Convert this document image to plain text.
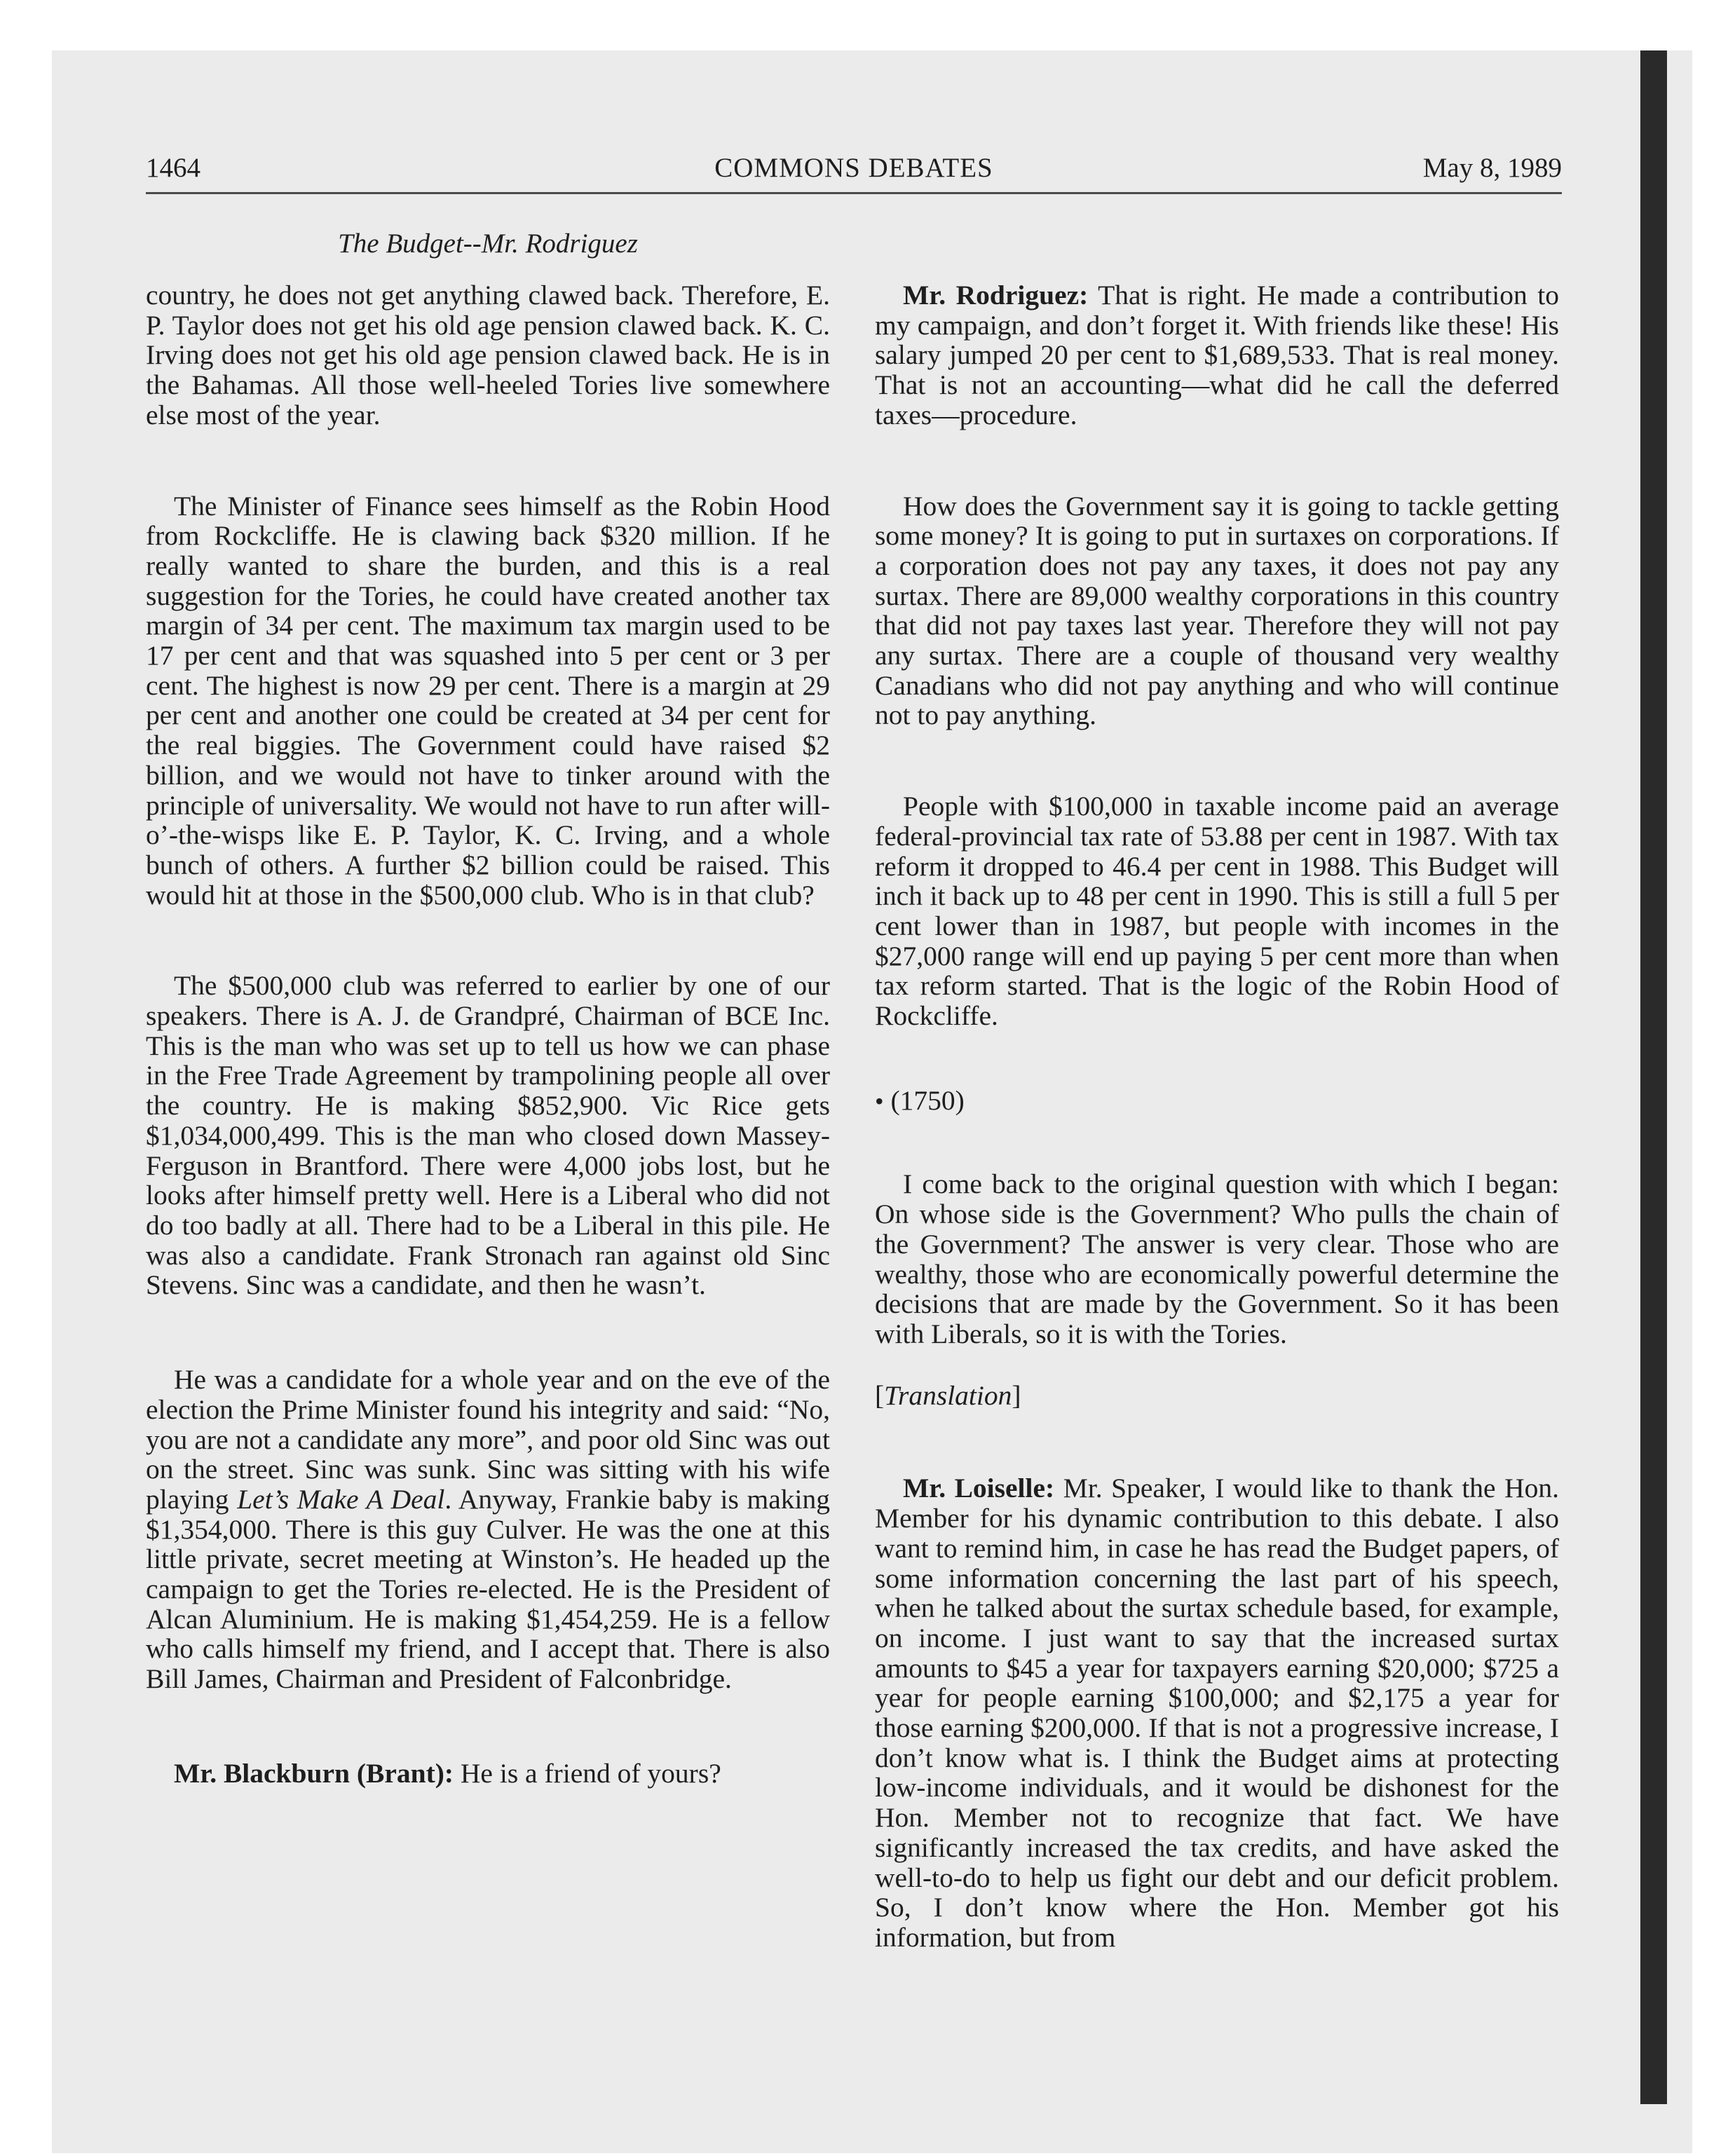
COMMONS DEBATES
1464	May 8, 1989
The Budget--Mr. Rodriguez

country, he does not get anything clawed back. Therefore, E. P. Taylor does not get his old age pension clawed back. K. C. Irving does not get his old age pension clawed back. He is in the Bahamas. All those well-heeled Tories live somewhere else most of the year.

The Minister of Finance sees himself as the Robin Hood from Rockcliffe. He is clawing back $320 million. If he really wanted to share the burden, and this is a real suggestion for the Tories, he could have created another tax margin of 34 per cent. The maximum tax margin used to be 17 per cent and that was squashed into 5 per cent or 3 per cent. The highest is now 29 per cent. There is a margin at 29 per cent and another one could be created at 34 per cent for the real biggies. The Government could have raised $2 billion, and we would not have to tinker around with the principle of universality. We would not have to run after will-o’-the-wisps like E. P. Taylor, K. C. Irving, and a whole bunch of others. A further $2 billion could be raised. This would hit at those in the $500,000 club. Who is in that club?

The $500,000 club was referred to earlier by one of our speakers. There is A. J. de Grandpré, Chairman of BCE Inc. This is the man who was set up to tell us how we can phase in the Free Trade Agreement by trampolining people all over the country. He is making $852,900. Vic Rice gets $1,034,000,499. This is the man who closed down Massey-Ferguson in Brantford. There were 4,000 jobs lost, but he looks after himself pretty well. Here is a Liberal who did not do too badly at all. There had to be a Liberal in this pile. He was also a candidate. Frank Stronach ran against old Sinc Stevens. Sinc was a candidate, and then he wasn’t.

He was a candidate for a whole year and on the eve of the election the Prime Minister found his integrity and said: “No, you are not a candidate any more”, and poor old Sinc was out on the street. Sinc was sunk. Sinc was sitting with his wife playing Let’s Make A Deal. Anyway, Frankie baby is making $1,354,000. There is this guy Culver. He was the one at this little private, secret meeting at Winston’s. He headed up the campaign to get the Tories re-elected. He is the President of Alcan Aluminium. He is making $1,454,259. He is a fellow who calls himself my friend, and I accept that. There is also Bill James, Chairman and President of Falconbridge.

Mr. Blackburn (Brant): He is a friend of yours?

Mr. Rodriguez: That is right. He made a contribution to my campaign, and don’t forget it. With friends like these! His salary jumped 20 per cent to $1,689,533. That is real money. That is not an accounting—what did he call the deferred taxes—procedure.

How does the Government say it is going to tackle getting some money? It is going to put in surtaxes on corporations. If a corporation does not pay any taxes, it does not pay any surtax. There are 89,000 wealthy corporations in this country that did not pay taxes last year. Therefore they will not pay any surtax. There are a couple of thousand very wealthy Canadians who did not pay anything and who will continue not to pay anything.

People with $100,000 in taxable income paid an average federal-provincial tax rate of 53.88 per cent in 1987. With tax reform it dropped to 46.4 per cent in 1988. This Budget will inch it back up to 48 per cent in 1990. This is still a full 5 per cent lower than in 1987, but people with incomes in the $27,000 range will end up paying 5 per cent more than when tax reform started. That is the logic of the Robin Hood of Rockcliffe.

• (1750)

I come back to the original question with which I began: On whose side is the Government? Who pulls the chain of the Government? The answer is very clear. Those who are wealthy, those who are economically powerful determine the decisions that are made by the Government. So it has been with Liberals, so it is with the Tories.

[Translation]

Mr. Loiselle: Mr. Speaker, I would like to thank the Hon. Member for his dynamic contribution to this debate. I also want to remind him, in case he has read the Budget papers, of some information concerning the last part of his speech, when he talked about the surtax schedule based, for example, on income. I just want to say that the increased surtax amounts to $45 a year for taxpayers earning $20,000; $725 a year for people earning $100,000; and $2,175 a year for those earning $200,000. If that is not a progressive increase, I don’t know what is. I think the Budget aims at protecting low-income individuals, and it would be dishonest for the Hon. Member not to recognize that fact. We have significantly increased the tax credits, and have asked the well-to-do to help us fight our debt and our deficit problem. So, I don’t know where the Hon. Member got his information, but from
